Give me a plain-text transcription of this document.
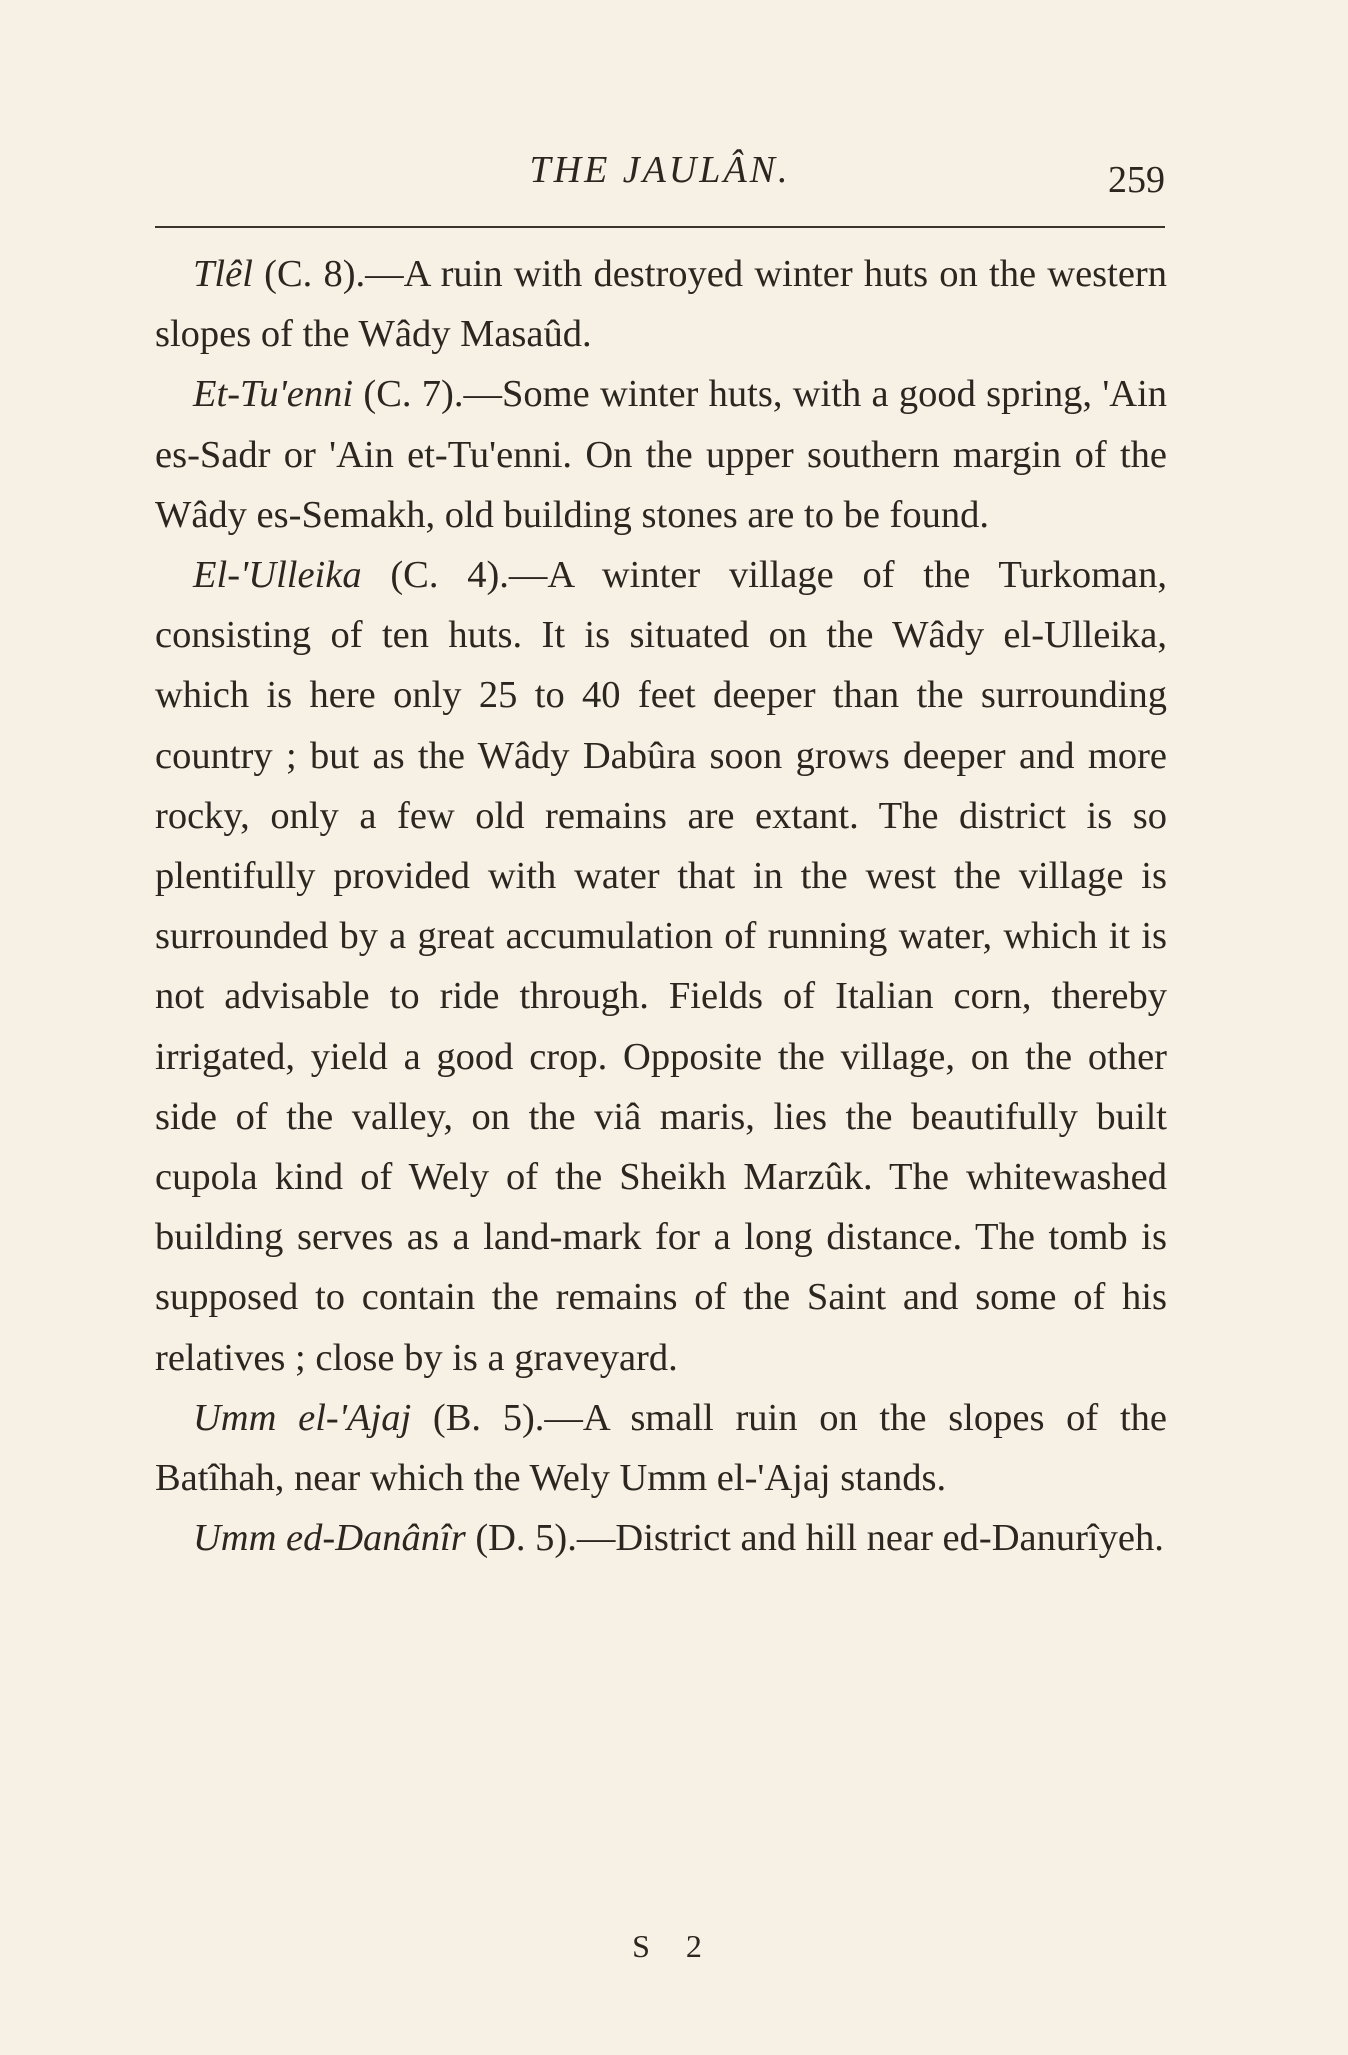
THE JAULÂN.	259

Tlêl (C. 8).—A ruin with destroyed winter huts on the western slopes of the Wâdy Masaûd.

Et-Tu'enni (C. 7).—Some winter huts, with a good spring, 'Ain es-Sadr or 'Ain et-Tu'enni. On the upper southern margin of the Wâdy es-Semakh, old building stones are to be found.

El-'Ulleika (C. 4).—A winter village of the Turkoman, consisting of ten huts. It is situated on the Wâdy el-Ulleika, which is here only 25 to 40 feet deeper than the surrounding country ; but as the Wâdy Dabûra soon grows deeper and more rocky, only a few old remains are extant. The district is so plentifully provided with water that in the west the village is surrounded by a great accumulation of running water, which it is not advisable to ride through. Fields of Italian corn, thereby irrigated, yield a good crop. Opposite the village, on the other side of the valley, on the viâ maris, lies the beautifully built cupola kind of Wely of the Sheikh Marzûk. The whitewashed building serves as a land-mark for a long distance. The tomb is supposed to contain the remains of the Saint and some of his relatives ; close by is a graveyard.

Umm el-'Ajaj (B. 5).—A small ruin on the slopes of the Batîhah, near which the Wely Umm el-'Ajaj stands.

Umm ed-Danânîr (D. 5).—District and hill near ed-Danurîyeh.

S 2
